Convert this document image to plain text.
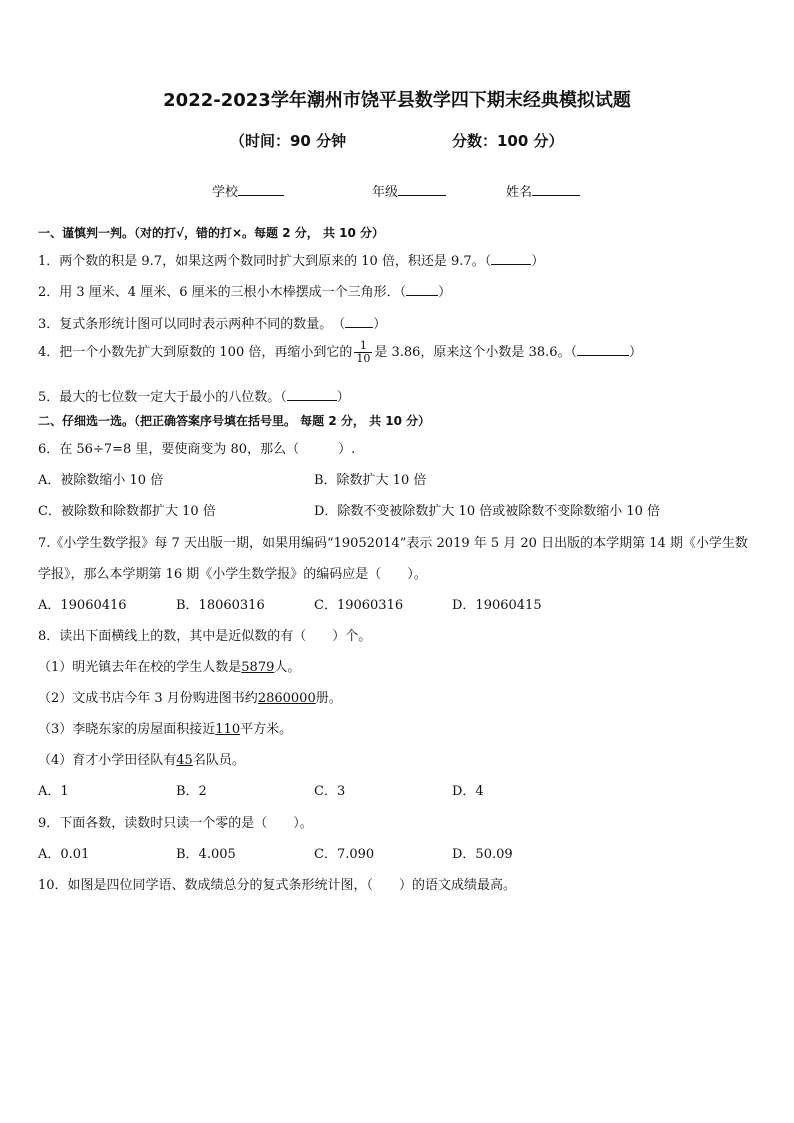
2022-2023学年潮州市饶平县数学四下期末经典模拟试题
（时间：90 分钟	分数：100 分）
学校	年级	姓名
一、谨慎判一判。（对的打√，错的打×。每题 2 分， 共 10 分）
1．两个数的积是 9.7，如果这两个数同时扩大到原来的 10 倍，积还是 9.7。（	）
2．用 3 厘米、4 厘米、6 厘米的三根小木棒摆成一个三角形．（ ）
3．复式条形统计图可以同时表示两种不同的数量。　（ ）
4．把一个小数先扩大到原数的 100 倍，再缩小到它的 $\frac{1}{10}$ 是 3.86，原来这个小数是 38.6。（	）
5．最大的七位数一定大于最小的八位数。（	）
二、仔细选一选。（把正确答案序号填在括号里。 每题 2 分， 共 10 分）
6．在 56÷7=8 里，要使商变为 80，那么（　　　）.
A．被除数缩小 10 倍	B．除数扩大 10 倍
C．被除数和除数都扩大 10 倍	D．除数不变被除数扩大 10 倍或被除数不变除数缩小 10 倍
7.《小学生数学报》每 7 天出版一期，如果用编码“19052014”表示 2019 年 5 月 20 日出版的本学期第 14 期《小学生数
学报》，那么本学期第 16 期《小学生数学报》的编码应是（　　）。
A．19060416	B．18060316	C．19060316	D．19060415
8．读出下面横线上的数，其中是近似数的有（　　）个。
（1）明光镇去年在校的学生人数是5879人。
（2）文成书店今年 3 月份购进图书约2860000册。
（3）李晓东家的房屋面积接近110平方米。
（4）育才小学田径队有45名队员。
A．1	B．2	C．3	D．4
9．下面各数，读数时只读一个零的是（　　）。
A．0.01	B．4.005	C．7.090	D．50.09
10．如图是四位同学语、数成绩总分的复式条形统计图，（　　）的语文成绩最高。
